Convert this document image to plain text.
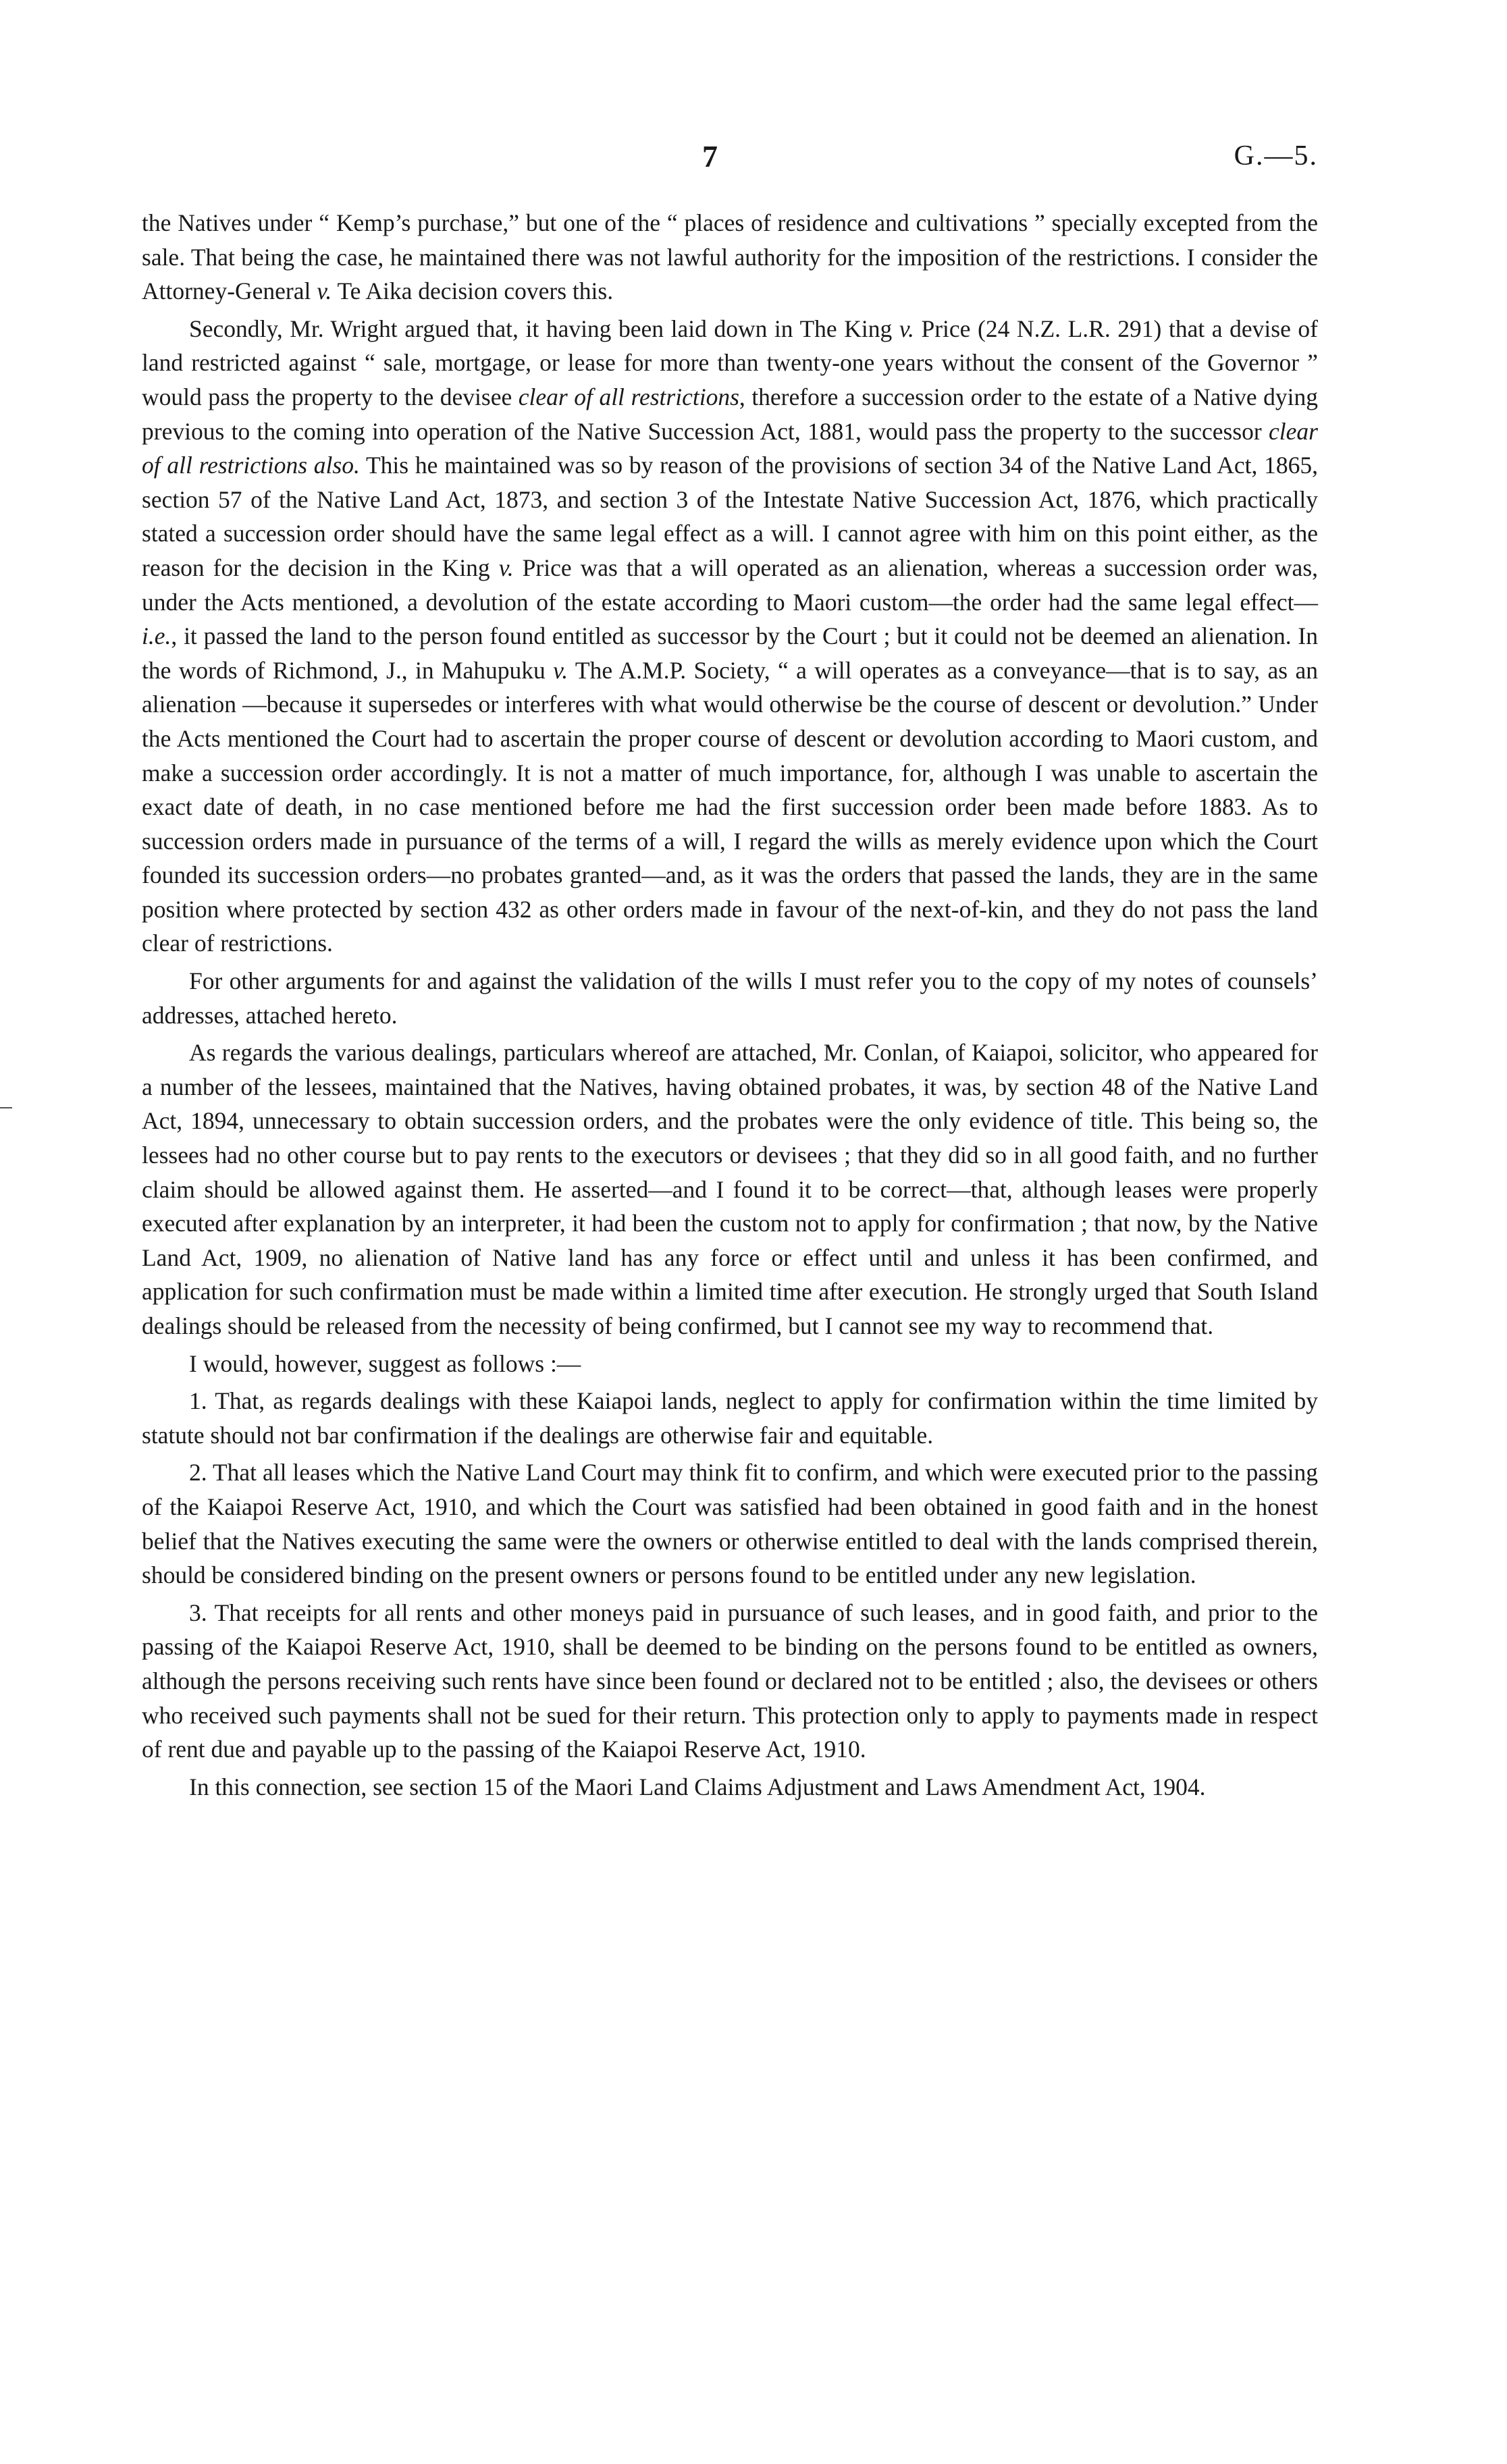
7	G.—5.

the Natives under “ Kemp’s purchase,” but one of the “ places of residence and cultivations ” specially excepted from the sale. That being the case, he maintained there was not lawful authority for the imposition of the restrictions. I consider the Attorney-General v. Te Aika decision covers this.

Secondly, Mr. Wright argued that, it having been laid down in The King v. Price (24 N.Z. L.R. 291) that a devise of land restricted against “ sale, mortgage, or lease for more than twenty-one years without the consent of the Governor ” would pass the property to the devisee clear of all restrictions, therefore a succession order to the estate of a Native dying previous to the coming into operation of the Native Succession Act, 1881, would pass the property to the successor clear of all restrictions also. This he maintained was so by reason of the provisions of section 34 of the Native Land Act, 1865, section 57 of the Native Land Act, 1873, and section 3 of the Intestate Native Succession Act, 1876, which practically stated a succession order should have the same legal effect as a will. I cannot agree with him on this point either, as the reason for the decision in the King v. Price was that a will operated as an alienation, whereas a succession order was, under the Acts mentioned, a devolution of the estate according to Maori custom—the order had the same legal effect—i.e., it passed the land to the person found entitled as successor by the Court ; but it could not be deemed an alienation. In the words of Richmond, J., in Mahupuku v. The A.M.P. Society, “ a will operates as a conveyance—that is to say, as an alienation —because it supersedes or interferes with what would otherwise be the course of descent or devolution.” Under the Acts mentioned the Court had to ascertain the proper course of descent or devolution according to Maori custom, and make a succession order accordingly. It is not a matter of much importance, for, although I was unable to ascertain the exact date of death, in no case mentioned before me had the first succession order been made before 1883. As to succession orders made in pursuance of the terms of a will, I regard the wills as merely evidence upon which the Court founded its succession orders—no probates granted—and, as it was the orders that passed the lands, they are in the same position where protected by section 432 as other orders made in favour of the next-of-kin, and they do not pass the land clear of restrictions.

For other arguments for and against the validation of the wills I must refer you to the copy of my notes of counsels’ addresses, attached hereto.

As regards the various dealings, particulars whereof are attached, Mr. Conlan, of Kaiapoi, solicitor, who appeared for a number of the lessees, maintained that the Natives, having obtained probates, it was, by section 48 of the Native Land Act, 1894, unnecessary to obtain succession orders, and the probates were the only evidence of title. This being so, the lessees had no other course but to pay rents to the executors or devisees ; that they did so in all good faith, and no further claim should be allowed against them. He asserted—and I found it to be correct—that, although leases were properly executed after explanation by an interpreter, it had been the custom not to apply for confirmation ; that now, by the Native Land Act, 1909, no alienation of Native land has any force or effect until and unless it has been confirmed, and application for such confirmation must be made within a limited time after execution. He strongly urged that South Island dealings should be released from the necessity of being confirmed, but I cannot see my way to recommend that.

I would, however, suggest as follows :—

1. That, as regards dealings with these Kaiapoi lands, neglect to apply for confirmation within the time limited by statute should not bar confirmation if the dealings are otherwise fair and equitable.

2. That all leases which the Native Land Court may think fit to confirm, and which were executed prior to the passing of the Kaiapoi Reserve Act, 1910, and which the Court was satisfied had been obtained in good faith and in the honest belief that the Natives executing the same were the owners or otherwise entitled to deal with the lands comprised therein, should be considered binding on the present owners or persons found to be entitled under any new legislation.

3. That receipts for all rents and other moneys paid in pursuance of such leases, and in good faith, and prior to the passing of the Kaiapoi Reserve Act, 1910, shall be deemed to be binding on the persons found to be entitled as owners, although the persons receiving such rents have since been found or declared not to be entitled ; also, the devisees or others who received such payments shall not be sued for their return. This protection only to apply to payments made in respect of rent due and payable up to the passing of the Kaiapoi Reserve Act, 1910.

In this connection, see section 15 of the Maori Land Claims Adjustment and Laws Amendment Act, 1904.
